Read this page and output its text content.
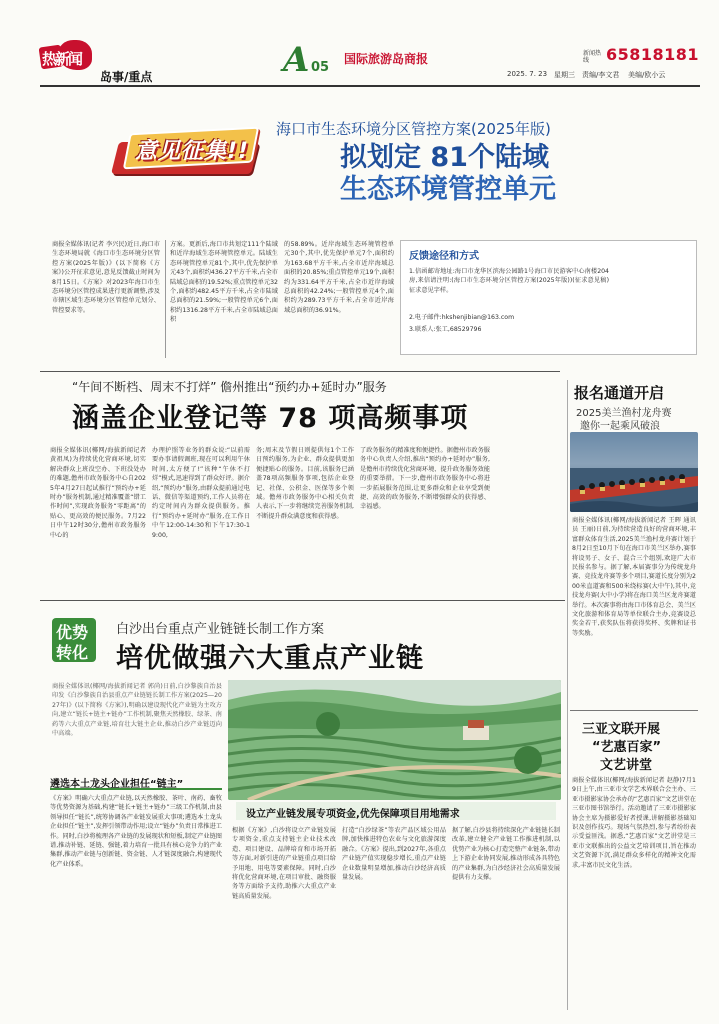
热新闻
岛事/重点	A 05
国际旅游岛商报	新闻热线	65818181
2025. 7. 23 星期三 责编/李文君 美编/欧小云
意见征集!!
海口市生态环境分区管控方案(2025年版)
拟划定 81个陆域
生态环境管控单元
商报全媒体讯(记者 李兴民)近日,海口市生态环境局就《海口市生态环境分区管控方案(2025年版)》(以下简称《方案》)公开征求意见,意见反馈截止时间为8月15日。《方案》对2023年海口市生态环境分区管控成果进行更新调整,涉及市辖区域生态环境分区管控单元划分、管控要求等。
方案。更新后,海口市共划定111个陆域和近岸海域生态环境管控单元。陆域生态环境管控单元81个,其中,优先保护单元43个,面积约436.27平方千米,占全市陆域总面积的19.52%;重点管控单元32个,面积约482.45平方千米,占全市陆域总面积的21.59%;一般管控单元6个,面积约1316.28平方千米,占全市陆域总面积
的58.89%。近岸海域生态环境管控单元30个,其中,优先保护单元7个,面积约为163.68平方千米,占全市近岸海域总面积的20.85%;重点管控单元19个,面积约为331.64平方千米,占全市近岸海域总面积的42.24%;一般管控单元4个,面积约为289.73平方千米,占全市近岸海域总面积的36.91%。
反馈途径和方式
1.信函邮寄地址:海口市龙华区滨海公园路1号海口市民游客中心南楼204房,来信请注明:(海口市生态环境分区管控方案(2025年版))(征求意见稿)征求意见字样。
2.电子邮件:hkshenjibian@163.com
3.联系人:张工,68529796
“午间不断档、周末不打烊” 儋州推出“预约办+延时办”服务
涵盖企业登记等 78 项高频事项
商报全媒体讯(椰网/海拔新闻记者 黄祖凤)为持续优化营商环境,切实解决群众上班没空办、下班没处办的难题,儋州市政务服务中心自2025年4月27日起试推行“预约办+延时办”服务机制,通过精准覆盖“错工作时间”,实现政务服务“零距离”的贴心、更高效的便民服务。7月22日中午12时30分,儋州市政务服务中心的
办理护照等业务的群众说:“以前需要办事请假调班,现在可以利用午休时间,太方便了!”该种“午休不打烊”模式,迅速得到了群众好评。据介绍,“预约办”服务,由群众提前通过电话、微信等渠道预约,工作人员将在约定时间内为群众提供服务。推行“预约办+延时办”服务,在工作日中午12:00-14:30和下午17:30-19:00,
务;周末及节假日则提供每1个工作日预约服务,为企业、群众提供更加便捷贴心的服务。目前,该服务已涵盖78项高频服务事项,包括企业登记、社保、公积金、医保等多个领域。儋州市政务服务中心相关负责人表示,下一步将继续完善服务机制,不断提升群众满意度和获得感。
了政务服务的精准度和便捷性。据儋州市政务服务中心负责人介绍,推出“预约办+延时办”服务,是儋州市持续优化营商环境、提升政务服务效能的重要举措。下一步,儋州市政务服务中心将进一步拓展服务范围,让更多群众和企业享受到便捷、高效的政务服务,不断增强群众的获得感、幸福感。
报名通道开启
2025美兰渔村龙舟赛
邀你一起乘风破浪
商报全媒体讯(椰网/海拔新闻记者 王晖 通讯员 王丽)日前,为持续营造良好的营商环境,丰富群众体育生活,2025美兰渔村龙舟赛计划于8月2日至10月下旬在海口市美兰区举办,赛事将设男子、女子、混合三个组别,欢迎广大市民报名参与。据了解,本届赛事分为传统龙舟赛、竞技龙舟赛等多个项目,赛道长度分别为200米直道赛和500米绕标赛(大中午),其中,竞技龙舟赛(大中小学)将在海口美兰区龙舟赛道举行。本次赛事将由海口市体育总会、美兰区文化旅游和体育局等单位联合主办,竞赛设总奖金若干,获奖队伍将获得奖杯、奖牌和证书等奖励。
三亚文联开展
“艺惠百家”
文艺讲堂
商报全媒体讯(椰网/海拔新闻记者 赵静)7月19日上午,由三亚市文学艺术界联合会主办、三亚市摄影家协会承办的“艺惠百家”文艺讲堂在三亚市图书馆举行。活动邀请了三亚市摄影家协会主席为摄影爱好者授课,讲解摄影基础知识及创作技巧。现场气氛热烈,参与者纷纷表示受益匪浅。据悉,“艺惠百家”文艺讲堂是三亚市文联推出的公益文艺培训项目,旨在推动文艺资源下沉,满足群众多样化的精神文化需求,丰富市民文化生活。
优势
转化
白沙出台重点产业链链长制工作方案
培优做强六大重点产业链
商报全媒体讯(椰网/海拔新闻记者 郭尚)日前,白沙黎族自治县印发《白沙黎族自治县重点产业链链长制工作方案(2025—2027年)》(以下简称《方案》),明确以建设现代化产业链为主攻方向,建立“链长+链主+链办”工作机制,聚焦天然橡胶、绿茶、南药等六大重点产业链,培育壮大链主企业,推动白沙产业链迈向中高端。
遴选本土龙头企业担任“链主”
《方案》明确六大重点产业链,以天然橡胶、茶叶、南药、畜牧等优势资源为基础,构建“链长+链主+链办”三级工作机制,由县领导担任“链长”,统筹协调各产业链发展重大事项;遴选本土龙头企业担任“链主”,发挥引领带动作用;设立“链办”负责日常推进工作。同时,白沙将梳理各产业链的发展现状和短板,制定产业链图谱,推动补链、延链、强链,着力培育一批具有核心竞争力的产业集群,推动产业链与创新链、资金链、人才链深度融合,构建现代化产业体系。
设立产业链发展专项资金,优先保障项目用地需求
根据《方案》,白沙将设立产业链发展专项资金,重点支持链主企业技术改造、项目建设、品牌培育和市场开拓等方面,对新引进的产业链重点项目给予用地、用电等要素保障。同时,白沙将优化营商环境,在项目审批、融资服务等方面给予支持,助推六大重点产业链高质量发展。
打造“白沙绿茶”等农产品区域公用品牌,加快推进特色农业与文化旅游深度融合。《方案》提出,到2027年,各重点产业链产值实现稳步增长,重点产业链企业数量明显增加,推动白沙经济高质量发展。
据了解,白沙县将持续深化产业链链长制改革,建立健全产业链工作推进机制,以优势产业为核心打造完整产业链条,带动上下游企业协同发展,推动形成各具特色的产业集群,为白沙经济社会高质量发展提供有力支撑。
